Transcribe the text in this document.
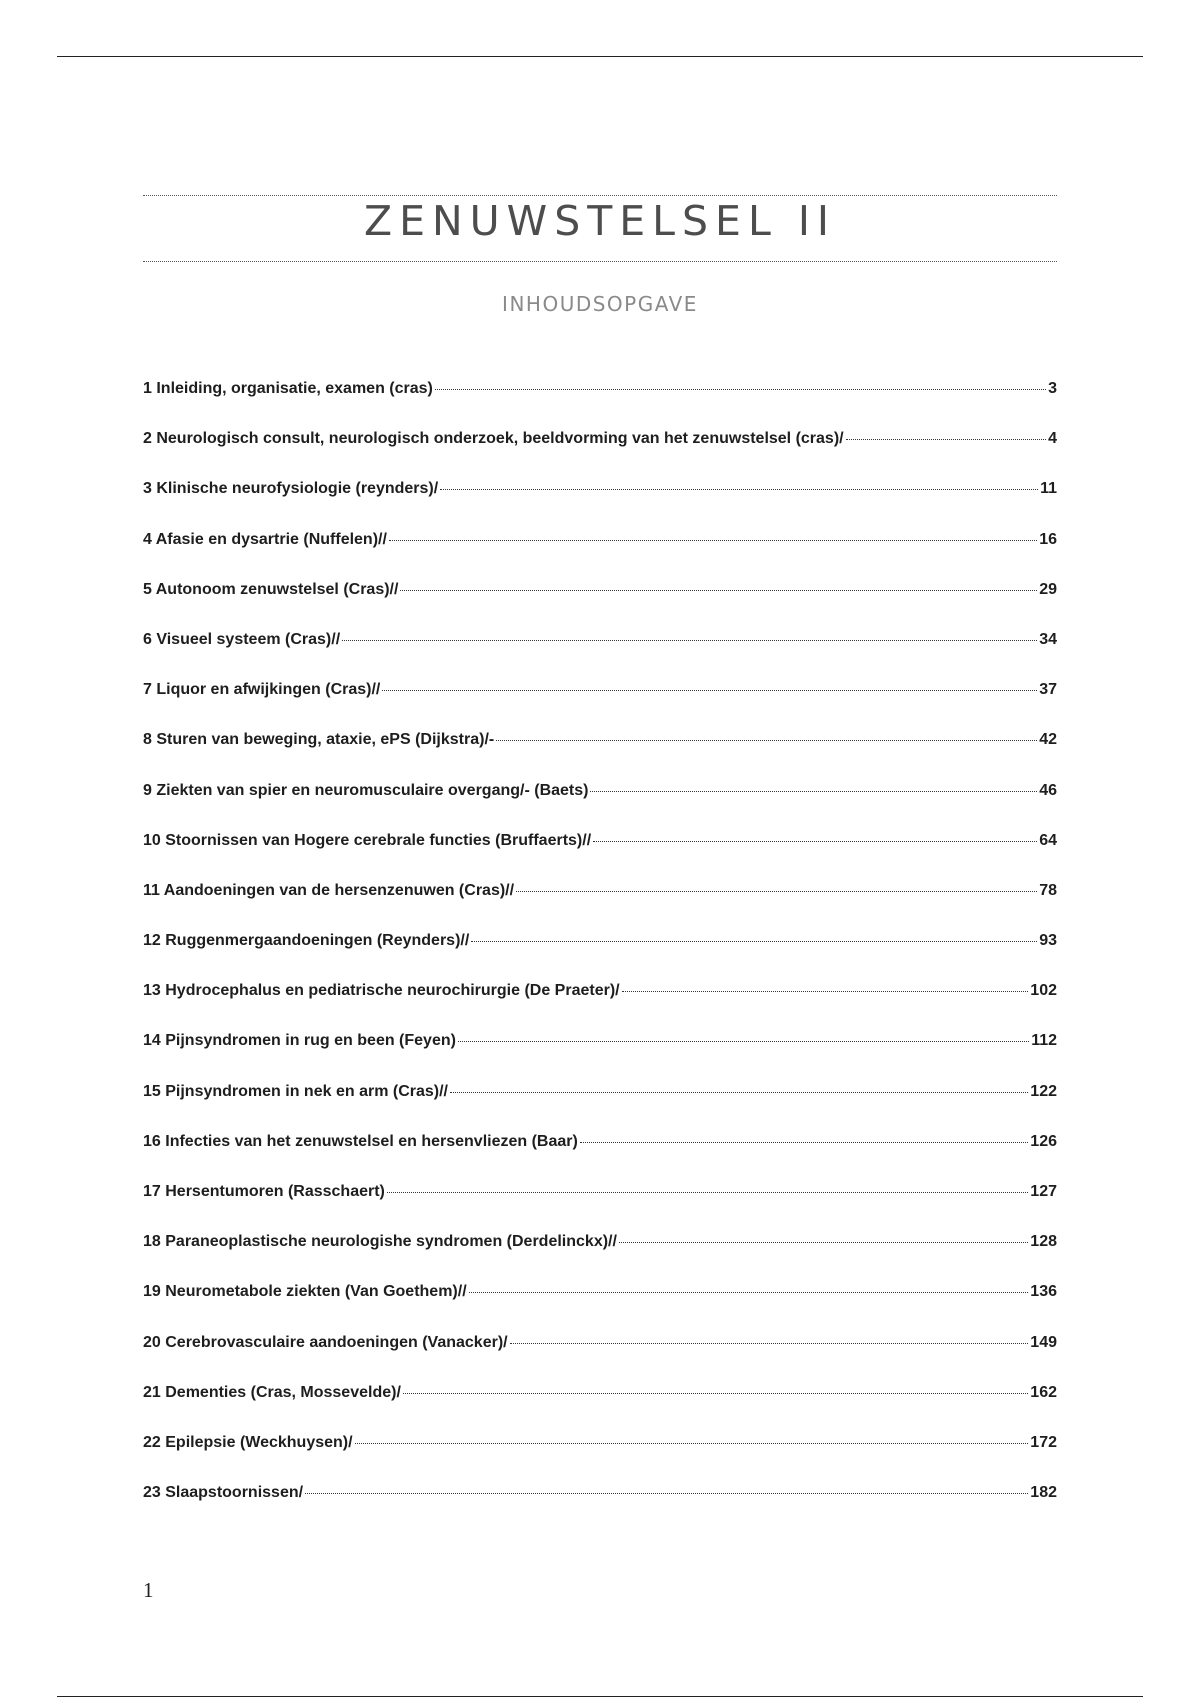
ZENUWSTELSEL II
INHOUDSOPGAVE
1 Inleiding, organisatie, examen (cras)	3
2 Neurologisch consult, neurologisch onderzoek, beeldvorming van het zenuwstelsel (cras)/	4
3 Klinische neurofysiologie (reynders)/	11
4 Afasie en dysartrie (Nuffelen)//	16
5 Autonoom zenuwstelsel (Cras)//	29
6 Visueel systeem (Cras)//	34
7 Liquor en afwijkingen (Cras)//	37
8 Sturen van beweging, ataxie, ePS (Dijkstra)/-	42
9 Ziekten van spier en neuromusculaire overgang/- (Baets)	46
10 Stoornissen van Hogere cerebrale functies (Bruffaerts)//	64
11 Aandoeningen van de hersenzenuwen (Cras)//	78
12 Ruggenmergaandoeningen (Reynders)//	93
13 Hydrocephalus en pediatrische neurochirurgie (De Praeter)/	102
14 Pijnsyndromen in rug en been (Feyen)	112
15 Pijnsyndromen in nek en arm (Cras)//	122
16 Infecties van het zenuwstelsel en hersenvliezen (Baar)	126
17 Hersentumoren (Rasschaert)	127
18 Paraneoplastische neurologishe syndromen (Derdelinckx)//	128
19 Neurometabole ziekten (Van Goethem)//	136
20 Cerebrovasculaire aandoeningen (Vanacker)/	149
21 Dementies (Cras, Mossevelde)/	162
22 Epilepsie (Weckhuysen)/	172
23 Slaapstoornissen/	182
1
